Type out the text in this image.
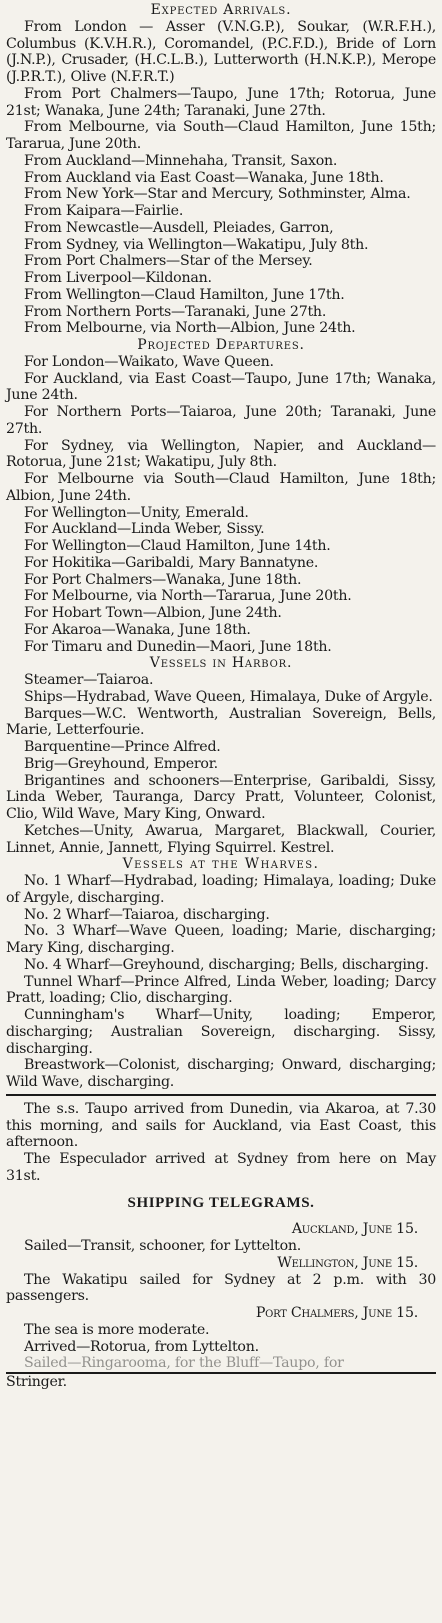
Expected Arrivals.
From London — Asser (V.N.G.P.), Soukar, (W.R.F.H.), Columbus (K.V.H.R.), Coromandel, (P.C.F.D.), Bride of Lorn (J.N.P.), Crusader, (H.C.L.B.), Lutterworth (H.N.K.P.), Merope (J.P.R.T.), Olive (N.F.R.T.)
From Port Chalmers—Taupo, June 17th; Rotorua, June 21st; Wanaka, June 24th; Taranaki, June 27th.
From Melbourne, via South—Claud Hamilton, June 15th; Tararua, June 20th.
From Auckland—Minnehaha, Transit, Saxon.
From Auckland via East Coast—Wanaka, June 18th.
From New York—Star and Mercury, Sothminster, Alma.
From Kaipara—Fairlie.
From Newcastle—Ausdell, Pleiades, Garron,
From Sydney, via Wellington—Wakatipu, July 8th.
From Port Chalmers—Star of the Mersey.
From Liverpool—Kildonan.
From Wellington—Claud Hamilton, June 17th.
From Northern Ports—Taranaki, June 27th.
From Melbourne, via North—Albion, June 24th.
Projected Departures.
For London—Waikato, Wave Queen.
For Auckland, via East Coast—Taupo, June 17th; Wanaka, June 24th.
For Northern Ports—Taiaroa, June 20th; Taranaki, June 27th.
For Sydney, via Wellington, Napier, and Auckland—Rotorua, June 21st; Wakatipu, July 8th.
For Melbourne via South—Claud Hamilton, June 18th; Albion, June 24th.
For Wellington—Unity, Emerald.
For Auckland—Linda Weber, Sissy.
For Wellington—Claud Hamilton, June 14th.
For Hokitika—Garibaldi, Mary Bannatyne.
For Port Chalmers—Wanaka, June 18th.
For Melbourne, via North—Tararua, June 20th.
For Hobart Town—Albion, June 24th.
For Akaroa—Wanaka, June 18th.
For Timaru and Dunedin—Maori, June 18th.
Vessels in Harbor.
Steamer—Taiaroa.
Ships—Hydrabad, Wave Queen, Himalaya, Duke of Argyle.
Barques—W.C. Wentworth, Australian Sovereign, Bells, Marie, Letterfourie.
Barquentine—Prince Alfred.
Brig—Greyhound, Emperor.
Brigantines and schooners—Enterprise, Garibaldi, Sissy, Linda Weber, Tauranga, Darcy Pratt, Volunteer, Colonist, Clio, Wild Wave, Mary King, Onward.
Ketches—Unity, Awarua, Margaret, Blackwall, Courier, Linnet, Annie, Jannett, Flying Squirrel. Kestrel.
Vessels at the Wharves.
No. 1 Wharf—Hydrabad, loading; Himalaya, loading; Duke of Argyle, discharging.
No. 2 Wharf—Taiaroa, discharging.
No. 3 Wharf—Wave Queen, loading; Marie, discharging; Mary King, discharging.
No. 4 Wharf—Greyhound, discharging; Bells, discharging.
Tunnel Wharf—Prince Alfred, Linda Weber, loading; Darcy Pratt, loading; Clio, discharging.
Cunningham's Wharf—Unity, loading; Emperor, discharging; Australian Sovereign, discharging. Sissy, discharging.
Breastwork—Colonist, discharging; Onward, discharging; Wild Wave, discharging.
The s.s. Taupo arrived from Dunedin, via Akaroa, at 7.30 this morning, and sails for Auckland, via East Coast, this afternoon.
The Especulador arrived at Sydney from here on May 31st.
SHIPPING TELEGRAMS.
Auckland, June 15.
Sailed—Transit, schooner, for Lyttelton.
Wellington, June 15.
The Wakatipu sailed for Sydney at 2 p.m. with 30 passengers.
Port Chalmers, June 15.
The sea is more moderate.
Arrived—Rotorua, from Lyttelton.
Sailed—Ringarooma, for the Bluff—Taupo, for
Stringer.
